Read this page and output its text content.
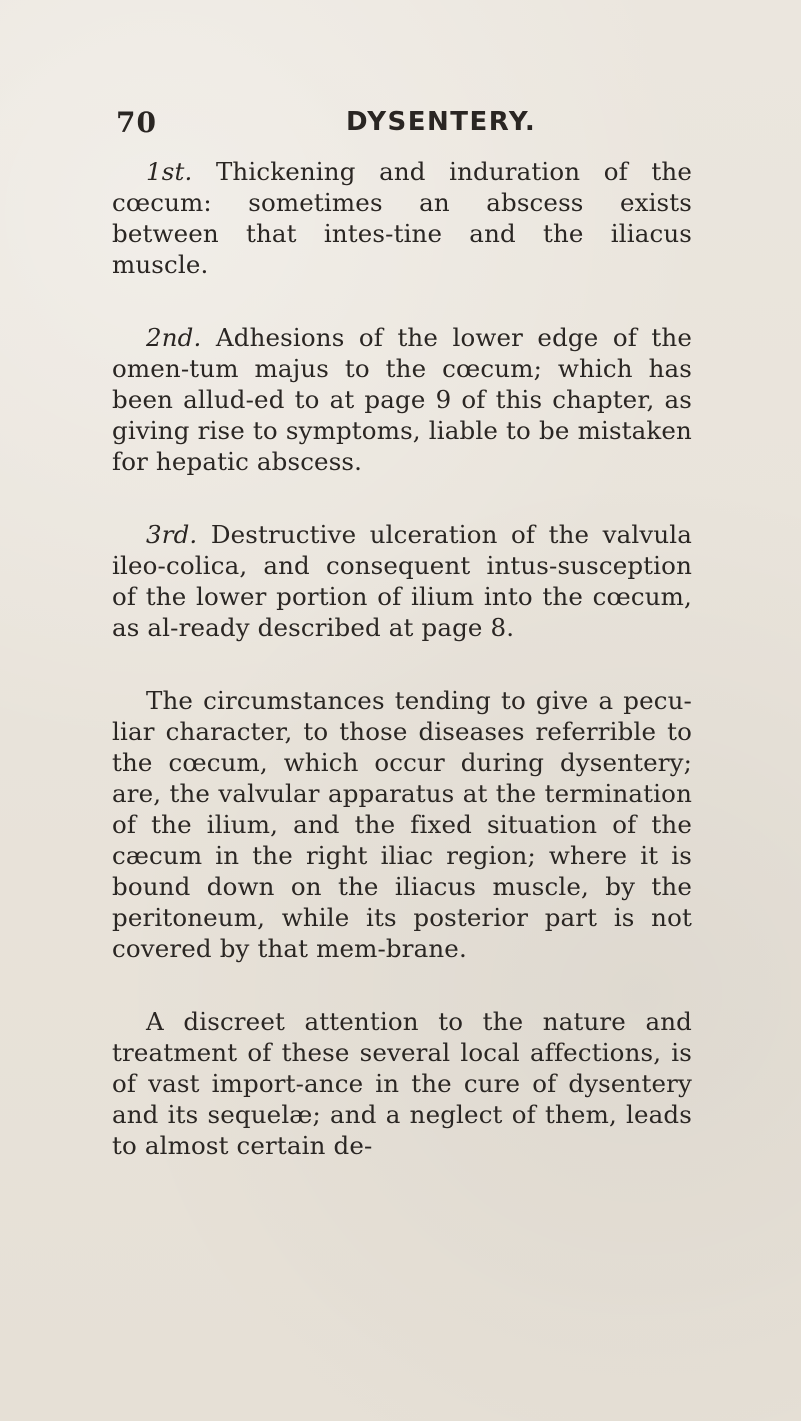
70	DYSENTERY.

1st. Thickening and induration of the cœcum: sometimes an abscess exists between that intes-tine and the iliacus muscle.

2nd. Adhesions of the lower edge of the omen-tum majus to the cœcum; which has been allud-ed to at page 9 of this chapter, as giving rise to symptoms, liable to be mistaken for hepatic abscess.

3rd. Destructive ulceration of the valvula ileo-colica, and consequent intus-susception of the lower portion of ilium into the cœcum, as al-ready described at page 8.

The circumstances tending to give a pecu-liar character, to those diseases referrible to the cœcum, which occur during dysentery; are, the valvular apparatus at the termination of the ilium, and the fixed situation of the cæcum in the right iliac region; where it is bound down on the iliacus muscle, by the peritoneum, while its posterior part is not covered by that mem-brane.

A discreet attention to the nature and treatment of these several local affections, is of vast import-ance in the cure of dysentery and its sequelæ; and a neglect of them, leads to almost certain de-
